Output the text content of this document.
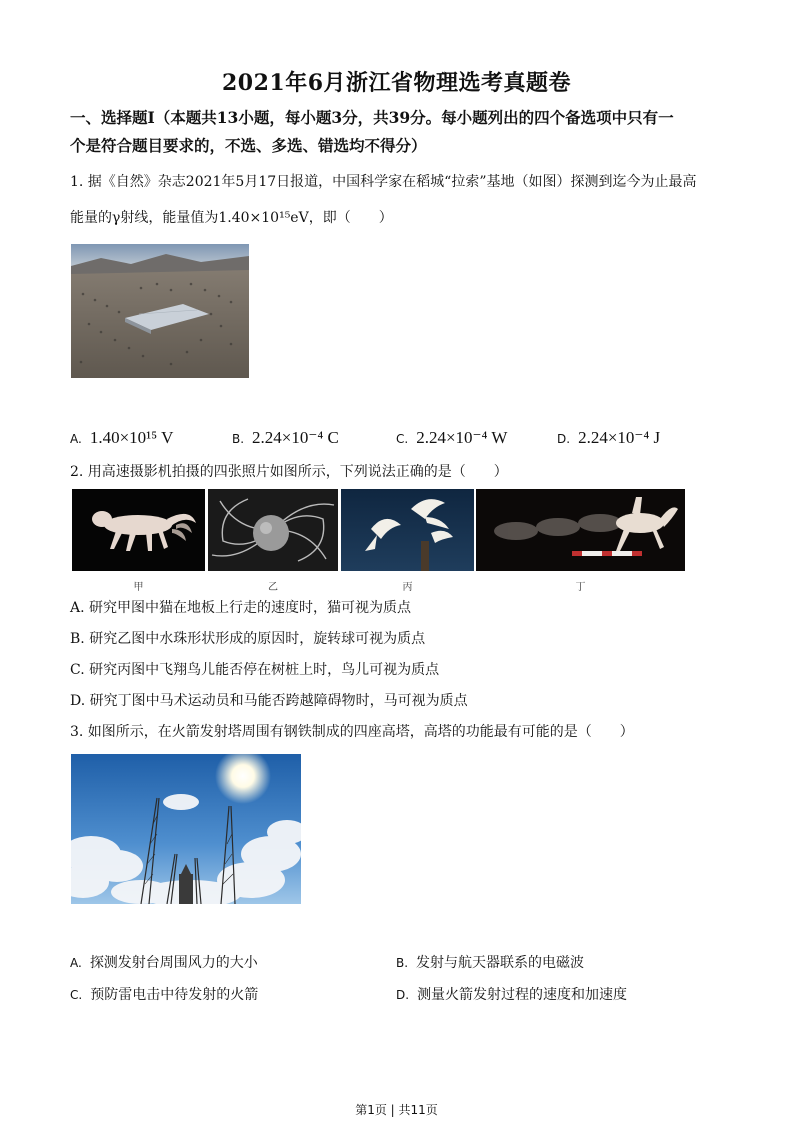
2021年6月浙江省物理选考真题卷
一、选择题Ⅰ（本题共13小题，每小题3分，共39分。每小题列出的四个备选项中只有一
个是符合题目要求的，不选、多选、错选均不得分）
1. 据《自然》杂志2021年5月17日报道，中国科学家在稻城“拉索”基地（如图）探测到迄今为止最高
能量的γ射线，能量值为1.40×10¹⁵eV，即（　　）
A. 1.40×10¹⁵ V	B. 2.24×10⁻⁴ C	C. 2.24×10⁻⁴ W	D. 2.24×10⁻⁴ J
2. 用高速摄影机拍摄的四张照片如图所示，下列说法正确的是（　　）
甲	乙	丙	丁
A. 研究甲图中猫在地板上行走的速度时，猫可视为质点
B. 研究乙图中水珠形状形成的原因时，旋转球可视为质点
C. 研究丙图中飞翔鸟儿能否停在树桩上时，鸟儿可视为质点
D. 研究丁图中马术运动员和马能否跨越障碍物时，马可视为质点
3. 如图所示，在火箭发射塔周围有钢铁制成的四座高塔，高塔的功能最有可能的是（　　）
A. 探测发射台周围风力的大小	B. 发射与航天器联系的电磁波
C. 预防雷电击中待发射的火箭	D. 测量火箭发射过程的速度和加速度
第1页 | 共11页
